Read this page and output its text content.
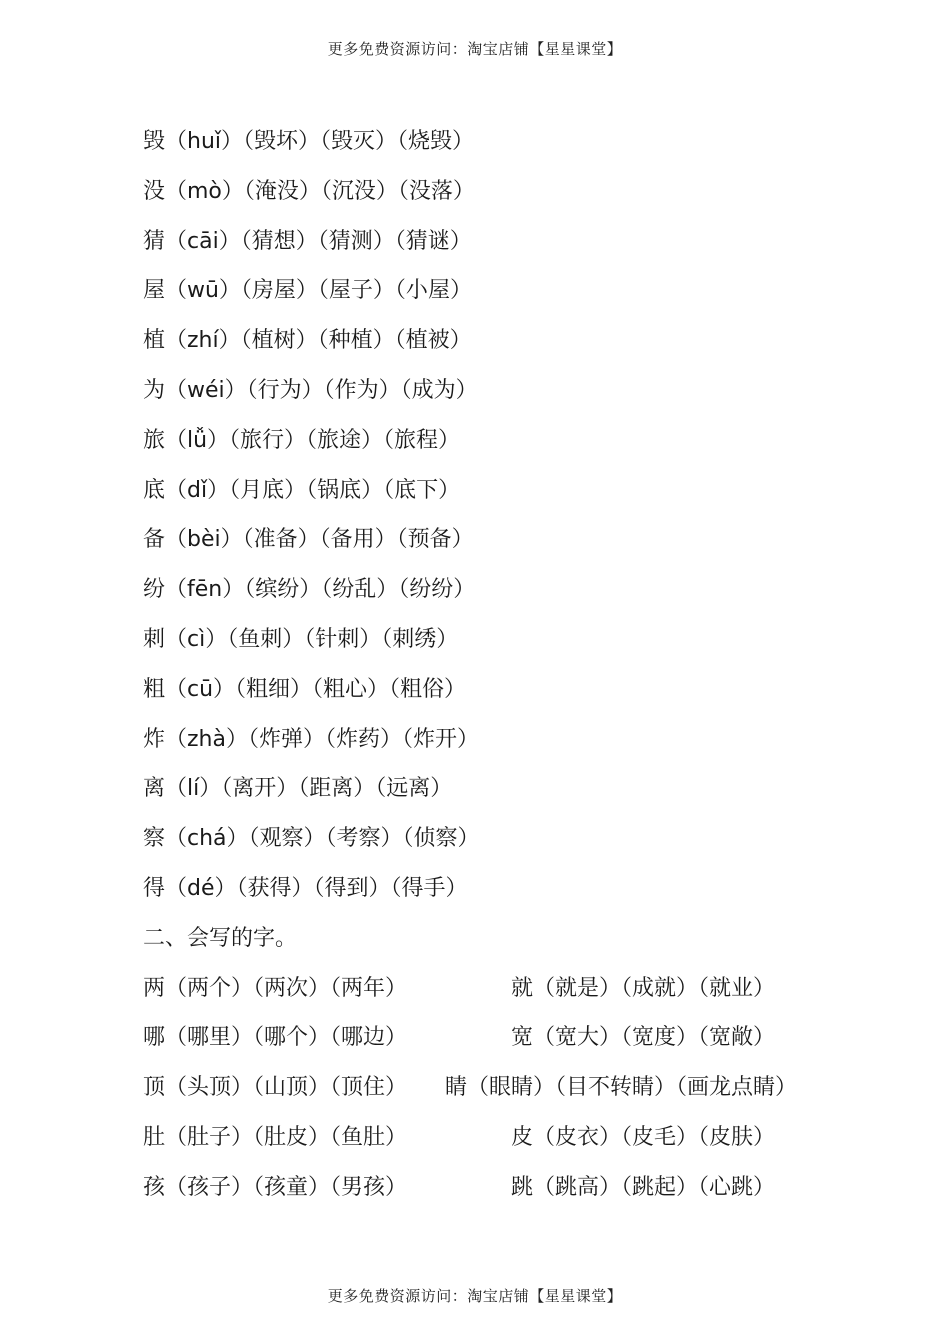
更多免费资源访问：淘宝店铺【星星课堂】
毁（huǐ）（毁坏）（毁灭）（烧毁）
没（mò）（淹没）（沉没）（没落）
猜（cāi）（猜想）（猜测）（猜谜）
屋（wū）（房屋）（屋子）（小屋）
植（zhí）（植树）（种植）（植被）
为（wéi）（行为）（作为）（成为）
旅（lǚ）（旅行）（旅途）（旅程）
底（dǐ）（月底）（锅底）（底下）
备（bèi）（准备）（备用）（预备）
纷（fēn）（缤纷）（纷乱）（纷纷）
刺（cì）（鱼刺）（针刺）（刺绣）
粗（cū）（粗细）（粗心）（粗俗）
炸（zhà）（炸弹）（炸药）（炸开）
离（lí）（离开）（距离）（远离）
察（chá）（观察）（考察）（侦察）
得（dé）（获得）（得到）（得手）
二、会写的字。
两（两个）（两次）（两年）	就（就是）（成就）（就业）
哪（哪里）（哪个）（哪边）	宽（宽大）（宽度）（宽敞）
顶（头顶）（山顶）（顶住） 睛（眼睛）（目不转睛）（画龙点睛）
肚（肚子）（肚皮）（鱼肚）	皮（皮衣）（皮毛）（皮肤）
孩（孩子）（孩童）（男孩）	跳（跳高）（跳起）（心跳）
更多免费资源访问：淘宝店铺【星星课堂】
